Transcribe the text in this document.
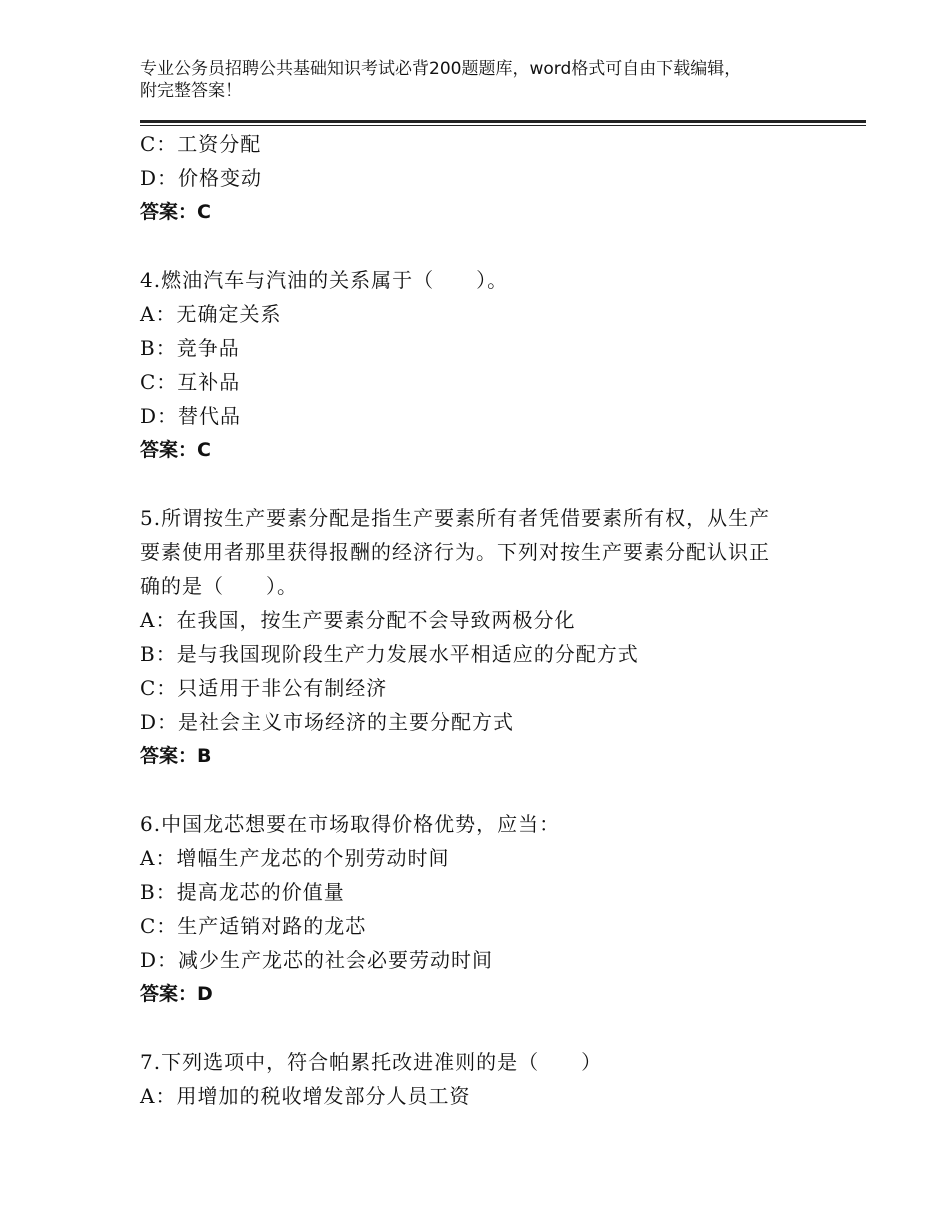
专业公务员招聘公共基础知识考试必背200题题库，word格式可自由下载编辑，
附完整答案！
C：工资分配
D：价格变动
答案：C
4.燃油汽车与汽油的关系属于（　　）。
A：无确定关系
B：竞争品
C：互补品
D：替代品
答案：C
5.所谓按生产要素分配是指生产要素所有者凭借要素所有权，从生产
要素使用者那里获得报酬的经济行为。下列对按生产要素分配认识正
确的是（　　）。
A：在我国，按生产要素分配不会导致两极分化
B：是与我国现阶段生产力发展水平相适应的分配方式
C：只适用于非公有制经济
D：是社会主义市场经济的主要分配方式
答案：B
6.中国龙芯想要在市场取得价格优势，应当：
A：增幅生产龙芯的个别劳动时间
B：提高龙芯的价值量
C：生产适销对路的龙芯
D：减少生产龙芯的社会必要劳动时间
答案：D
7.下列选项中，符合帕累托改进准则的是（　　）
A：用增加的税收增发部分人员工资
